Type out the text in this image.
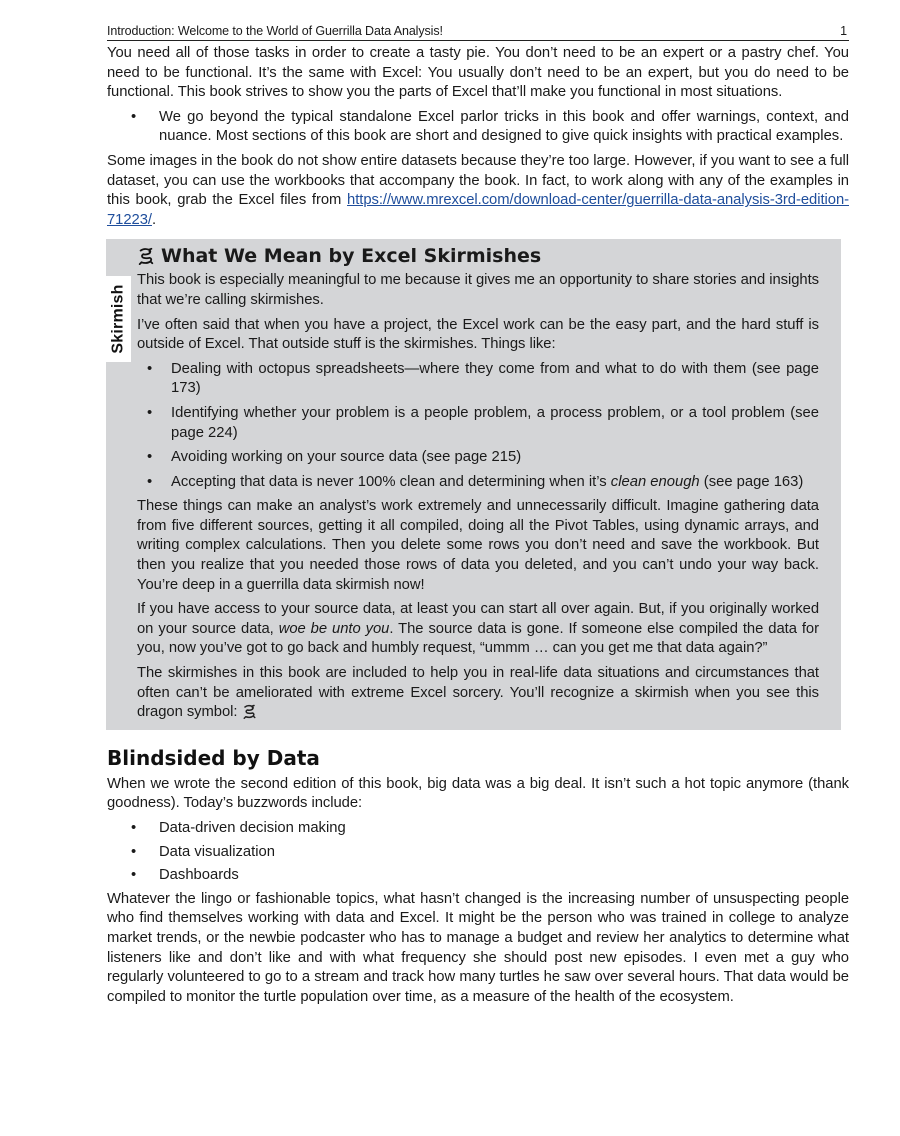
Introduction: Welcome to the World of Guerrilla Data Analysis!	1

You need all of those tasks in order to create a tasty pie. You don’t need to be an expert or a pastry chef. You need to be functional. It’s the same with Excel: You usually don’t need to be an expert, but you do need to be functional. This book strives to show you the parts of Excel that’ll make you functional in most situations.

• We go beyond the typical standalone Excel parlor tricks in this book and offer warnings, context, and nuance. Most sections of this book are short and designed to give quick insights with practical examples.

Some images in the book do not show entire datasets because they’re too large. However, if you want to see a full dataset, you can use the workbooks that accompany the book. In fact, to work along with any of the examples in this book, grab the Excel files from https://www.mrexcel.com/download-center/guerrilla-data-analysis-3rd-edition-71223/.

Skirmish
What We Mean by Excel Skirmishes

This book is especially meaningful to me because it gives me an opportunity to share stories and insights that we’re calling skirmishes.

I’ve often said that when you have a project, the Excel work can be the easy part, and the hard stuff is outside of Excel. That outside stuff is the skirmishes. Things like:

• Dealing with octopus spreadsheets—where they come from and what to do with them (see page 173)
• Identifying whether your problem is a people problem, a process problem, or a tool problem (see page 224)
• Avoiding working on your source data (see page 215)
• Accepting that data is never 100% clean and determining when it’s clean enough (see page 163)

These things can make an analyst’s work extremely and unnecessarily difficult. Imagine gathering data from five different sources, getting it all compiled, doing all the Pivot Tables, using dynamic arrays, and writing complex calculations. Then you delete some rows you don’t need and save the workbook. But then you realize that you needed those rows of data you deleted, and you can’t undo your way back. You’re deep in a guerrilla data skirmish now!

If you have access to your source data, at least you can start all over again. But, if you originally worked on your source data, woe be unto you. The source data is gone. If someone else compiled the data for you, now you’ve got to go back and humbly request, “ummm … can you get me that data again?”

The skirmishes in this book are included to help you in real-life data situations and circumstances that often can’t be ameliorated with extreme Excel sorcery. You’ll recognize a skirmish when you see this dragon symbol:

Blindsided by Data

When we wrote the second edition of this book, big data was a big deal. It isn’t such a hot topic anymore (thank goodness). Today’s buzzwords include:

• Data-driven decision making
• Data visualization
• Dashboards

Whatever the lingo or fashionable topics, what hasn’t changed is the increasing number of unsuspecting people who find themselves working with data and Excel. It might be the person who was trained in college to analyze market trends, or the newbie podcaster who has to manage a budget and review her analytics to determine what listeners like and don’t like and with what frequency she should post new episodes. I even met a guy who regularly volunteered to go to a stream and track how many turtles he saw over several hours. That data would be compiled to monitor the turtle population over time, as a measure of the health of the ecosystem.
